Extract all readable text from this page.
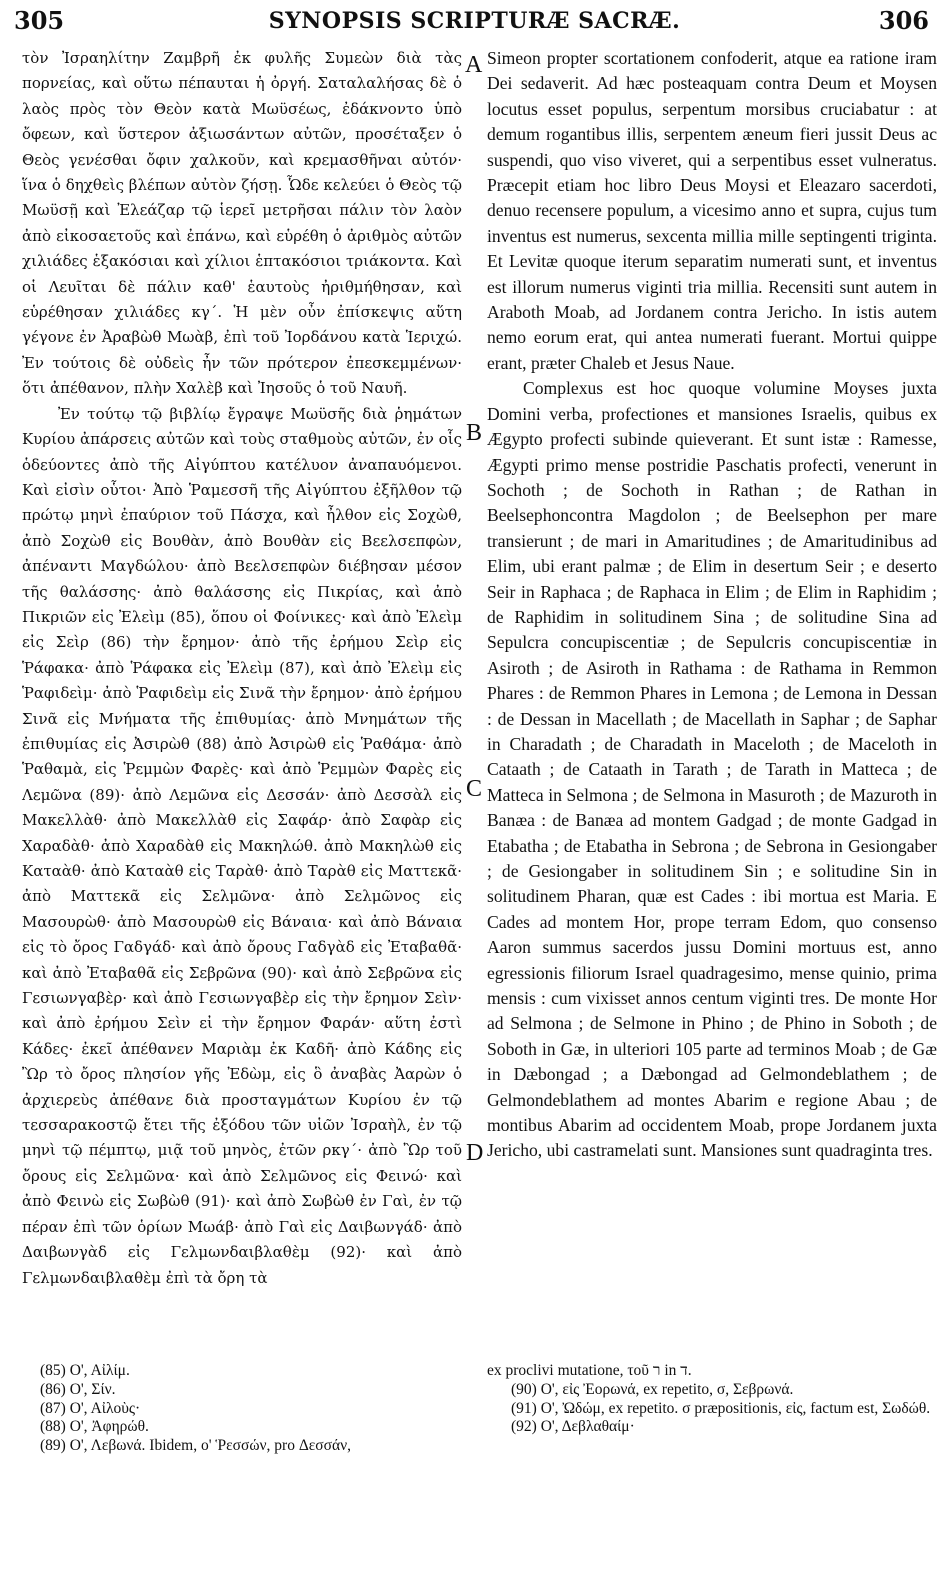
305	SYNOPSIS SCRIPTURÆ SACRÆ.	306

τὸν Ἰσραηλίτην Ζαμβρῆ ἐκ φυλῆς Συμεὼν διὰ τὰς πορνείας, καὶ οὕτω πέπαυται ἡ ὀργή. Σαταλαλήσας δὲ ὁ λαὸς πρὸς τὸν Θεὸν κατὰ Μωϋσέως, ἐδάκνοντο ὑπὸ ὄφεων, καὶ ὕστερον ἀξιωσάντων αὐτῶν, προσέταξεν ὁ Θεὸς γενέσθαι ὄφιν χαλκοῦν, καὶ κρεμασθῆναι αὐτόν· ἵνα ὁ δηχθεὶς βλέπων αὐτὸν ζήσῃ. Ὧδε κελεύει ὁ Θεὸς τῷ Μωϋσῇ καὶ Ἐλεάζαρ τῷ ἱερεῖ μετρῆσαι πάλιν τὸν λαὸν ἀπὸ εἰκοσαετοῦς καὶ ἐπάνω, καὶ εὑρέθη ὁ ἀριθμὸς αὐτῶν χιλιάδες ἑξακόσιαι καὶ χίλιοι ἑπτακόσιοι τριάκοντα. Καὶ οἱ Λευῖται δὲ πάλιν καθ' ἑαυτοὺς ἠριθμήθησαν, καὶ εὑρέθησαν χιλιάδες κγ΄. Ἡ μὲν οὖν ἐπίσκεψις αὕτη γέγονε ἐν Ἀραβὼθ Μωὰβ, ἐπὶ τοῦ Ἰορδάνου κατὰ Ἱεριχώ. Ἐν τούτοις δὲ οὐδεὶς ἦν τῶν πρότερον ἐπεσκεμμένων· ὅτι ἀπέθανον, πλὴν Χαλὲβ καὶ Ἰησοῦς ὁ τοῦ Ναυῆ.

Ἐν τούτῳ τῷ βιβλίῳ ἔγραψε Μωϋσῆς διὰ ῥημάτων Κυρίου ἀπάρσεις αὐτῶν καὶ τοὺς σταθμοὺς αὐτῶν, ἐν οἷς ὁδεύοντες ἀπὸ τῆς Αἰγύπτου κατέλυον ἀναπαυόμενοι. Καὶ εἰσὶν οὗτοι· Ἀπὸ Ῥαμεσσῆ τῆς Αἰγύπτου ἐξῆλθον τῷ πρώτῳ μηνὶ ἐπαύριον τοῦ Πάσχα, καὶ ἦλθον εἰς Σοχὼθ, ἀπὸ Σοχὼθ εἰς Βουθὰν, ἀπὸ Βουθὰν εἰς Βεελσεπφὼν, ἀπέναντι Μαγδώλου· ἀπὸ Βεελσεπφὼν διέβησαν μέσον τῆς θαλάσσης· ἀπὸ θαλάσσης εἰς Πικρίας, καὶ ἀπὸ Πικριῶν εἰς Ἐλεὶμ (85), ὅπου οἱ Φοίνικες· καὶ ἀπὸ Ἐλεὶμ εἰς Σεὶρ (86) τὴν ἔρημον· ἀπὸ τῆς ἐρήμου Σεὶρ εἰς Ῥάφακα· ἀπὸ Ῥάφακα εἰς Ἐλεὶμ (87), καὶ ἀπὸ Ἐλεὶμ εἰς Ῥαφιδεὶμ· ἀπὸ Ῥαφιδεὶμ εἰς Σινᾶ τὴν ἔρημον· ἀπὸ ἐρήμου Σινᾶ εἰς Μνήματα τῆς ἐπιθυμίας· ἀπὸ Μνημάτων τῆς ἐπιθυμίας εἰς Ἀσιρὼθ (88) ἀπὸ Ἀσιρὼθ εἰς Ῥαθάμα· ἀπὸ Ῥαθαμὰ, εἰς Ῥεμμὼν Φαρὲς· καὶ ἀπὸ Ῥεμμὼν Φαρὲς εἰς Λεμῶνα (89)· ἀπὸ Λεμῶνα εἰς Δεσσάν· ἀπὸ Δεσσὰλ εἰς Μακελλὰθ· ἀπὸ Μακελλὰθ εἰς Σαφάρ· ἀπὸ Σαφὰρ εἰς Χαραδὰθ· ἀπὸ Χαραδὰθ εἰς Μακηλώθ. ἀπὸ Μακηλὼθ εἰς Καταὰθ· ἀπὸ Καταὰθ εἰς Ταρὰθ· ἀπὸ Ταρὰθ εἰς Ματτεκᾶ· ἀπὸ Ματτεκᾶ εἰς Σελμῶνα· ἀπὸ Σελμῶνος εἰς Μασουρὼθ· ἀπὸ Μασουρὼθ εἰς Βάναια· καὶ ἀπὸ Βάναια εἰς τὸ ὄρος Γαδγάδ· καὶ ἀπὸ ὄρους Γαδγὰδ εἰς Ἐταβαθᾶ· καὶ ἀπὸ Ἐταβαθᾶ εἰς Σεβρῶνα (90)· καὶ ἀπὸ Σεβρῶνα εἰς Γεσιωνγαβὲρ· καὶ ἀπὸ Γεσιωνγαβὲρ εἰς τὴν ἔρημον Σεὶν· καὶ ἀπὸ ἐρήμου Σεὶν εἰ τὴν ἔρημον Φαράν· αὕτη ἐστὶ Κάδες· ἐκεῖ ἀπέθανεν Μαριὰμ ἐκ Καδῆ· ἀπὸ Κάδης εἰς Ὢρ τὸ ὄρος πλησίον γῆς Ἐδὼμ, εἰς ὃ ἀναβὰς Ἀαρὼν ὁ ἀρχιερεὺς ἀπέθανε διὰ προσταγμάτων Κυρίου ἐν τῷ τεσσαρακοστῷ ἔτει τῆς ἐξόδου τῶν υἱῶν Ἰσραὴλ, ἐν τῷ μηνὶ τῷ πέμπτῳ, μιᾷ τοῦ μηνὸς, ἐτῶν ρκγ΄· ἀπὸ Ὢρ τοῦ ὄρους εἰς Σελμῶνα· καὶ ἀπὸ Σελμῶνος εἰς Φεινώ· καὶ ἀπὸ Φεινὼ εἰς Σωβὼθ (91)· καὶ ἀπὸ Σωβὼθ ἐν Γαὶ, ἐν τῷ πέραν ἐπὶ τῶν ὁρίων Μωάβ· ἀπὸ Γαὶ εἰς Δαιβωνγάδ· ἀπὸ Δαιβωνγὰδ εἰς Γελμωνδαιβλαθὲμ (92)· καὶ ἀπὸ Γελμωνδαιβλαθὲμ ἐπὶ τὰ ὄρη τὰ

A
B
C
D

Simeon propter scortationem confoderit, atque ea ratione iram Dei sedaverit. Ad hæc posteaquam contra Deum et Moysen locutus esset populus, serpentum morsibus cruciabatur : at demum rogantibus illis, serpentem æneum fieri jussit Deus ac suspendi, quo viso viveret, qui a serpentibus esset vulneratus. Præcepit etiam hoc libro Deus Moysi et Eleazaro sacerdoti, denuo recensere populum, a vicesimo anno et supra, cujus tum inventus est numerus, sexcenta millia mille septingenti triginta. Et Levitæ quoque iterum separatim numerati sunt, et inventus est illorum numerus viginti tria millia. Recensiti sunt autem in Araboth Moab, ad Jordanem contra Jericho. In istis autem nemo eorum erat, qui antea numerati fuerant. Mortui quippe erant, præter Chaleb et Jesus Naue.

Complexus est hoc quoque volumine Moyses juxta Domini verba, profectiones et mansiones Israelis, quibus ex Ægypto profecti subinde quieverant. Et sunt istæ : Ramesse, Ægypti primo mense postridie Paschatis profecti, venerunt in Sochoth ; de Sochoth in Rathan ; de Rathan in Beelsephoncontra Magdolon ; de Beelsephon per mare transierunt ; de mari in Amaritudines ; de Amaritudinibus ad Elim, ubi erant palmæ ; de Elim in desertum Seir ; e deserto Seir in Raphaca ; de Raphaca in Elim ; de Elim in Raphidim ; de Raphidim in solitudinem Sina ; de solitudine Sina ad Sepulcra concupiscentiæ ; de Sepulcris concupiscentiæ in Asiroth ; de Asiroth in Rathama : de Rathama in Remmon Phares : de Remmon Phares in Lemona ; de Lemona in Dessan : de Dessan in Macellath ; de Macellath in Saphar ; de Saphar in Charadath ; de Charadath in Maceloth ; de Maceloth in Cataath ; de Cataath in Tarath ; de Tarath in Matteca ; de Matteca in Selmona ; de Selmona in Masuroth ; de Mazuroth in Banæa : de Banæa ad montem Gadgad ; de monte Gadgad in Etabatha ; de Etabatha in Sebrona ; de Sebrona in Gesiongaber ; de Gesiongaber in solitudinem Sin ; e solitudine Sin in solitudinem Pharan, quæ est Cades : ibi mortua est Maria. E Cades ad montem Hor, prope terram Edom, quo consenso Aaron summus sacerdos jussu Domini mortuus est, anno egressionis filiorum Israel quadragesimo, mense quinio, prima mensis : cum vixisset annos centum viginti tres. De monte Hor ad Selmona ; de Selmone in Phino ; de Phino in Soboth ; de Soboth in Gæ, in ulteriori 105 parte ad terminos Moab ; de Gæ in Dæbongad ; a Dæbongad ad Gelmondeblathem ; de Gelmondeblathem ad montes Abarim e regione Abau ; de montibus Abarim ad occidentem Moab, prope Jordanem juxta Jericho, ubi castramelati sunt. Mansiones sunt quadraginta tres.

(85) Ο', Αἰλίμ.

(86) Ο', Σίν.

(87) Ο', Αἰλοὺς·

(88) Ο', Ἀφηρώθ.

(89) Ο', Λεβωνά. Ibidem, ο' Ῥεσσών, pro Δεσσάν,

ex proclivi mutatione, τοῦ ר in ד.

(90) Ο', εἰς Ἐορωνά, ex repetito, σ, Σεβρωνά.

(91) Ο', Ὠδώμ, ex repetito. σ præpositionis, εἰς, factum est, Σωδώθ.

(92) Ο', Δεβλαθαίμ·
